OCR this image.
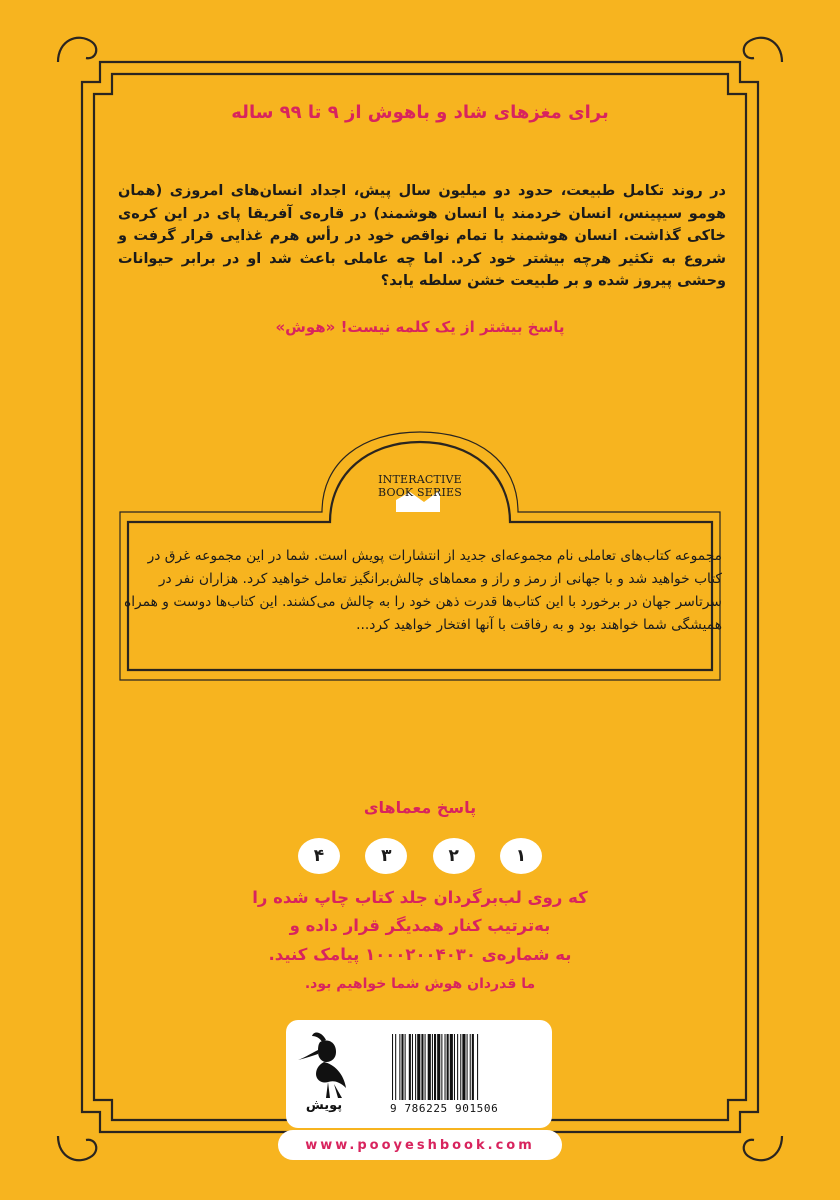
برای مغزهای شاد و باهوش از ۹ تا ۹۹ ساله

در روند تکامل طبیعت، حدود دو میلیون سال پیش، اجداد انسان‌های امروزی (همان هومو سیپینس، انسان خردمند یا انسان هوشمند) در قاره‌ی آفریقا پای در این کره‌ی خاکی گذاشت. انسان هوشمند با تمام نواقص خود در رأس هرم غذایی قرار گرفت و شروع به تکثیر هرچه بیشتر خود کرد. اما چه عاملی باعث شد او در برابر حیوانات وحشی پیروز شده و بر طبیعت خشن سلطه یابد؟

پاسخ بیشتر از یک کلمه نیست! «هوش»
INTERACTIVE
BOOK SERIES

مجموعه کتاب‌های تعاملی نام مجموعه‌ای جدید از انتشارات پویش است. شما در این مجموعه غرق در کتاب خواهید شد و با جهانی از رمز و راز و معماهای چالش‌برانگیز تعامل خواهید کرد. هزاران نفر در سرتاسر جهان در برخورد با این کتاب‌ها قدرت ذهن خود را به چالش می‌کشند. این کتاب‌ها دوست و همراه همیشگی شما خواهند بود و به رفاقت با آنها افتخار خواهید کرد...

پاسخ معماهای
۱
۲
۳
۴
که روی لب‌برگردان جلد کتاب چاپ شده را
به‌ترتیب کنار همدیگر قرار داده و
به شماره‌ی ۱۰۰۰۲۰۰۴۰۳۰ پیامک کنید.
ما قدردان هوش شما خواهیم بود.
پویش	9 786225 901506
www.pooyeshbook.com
